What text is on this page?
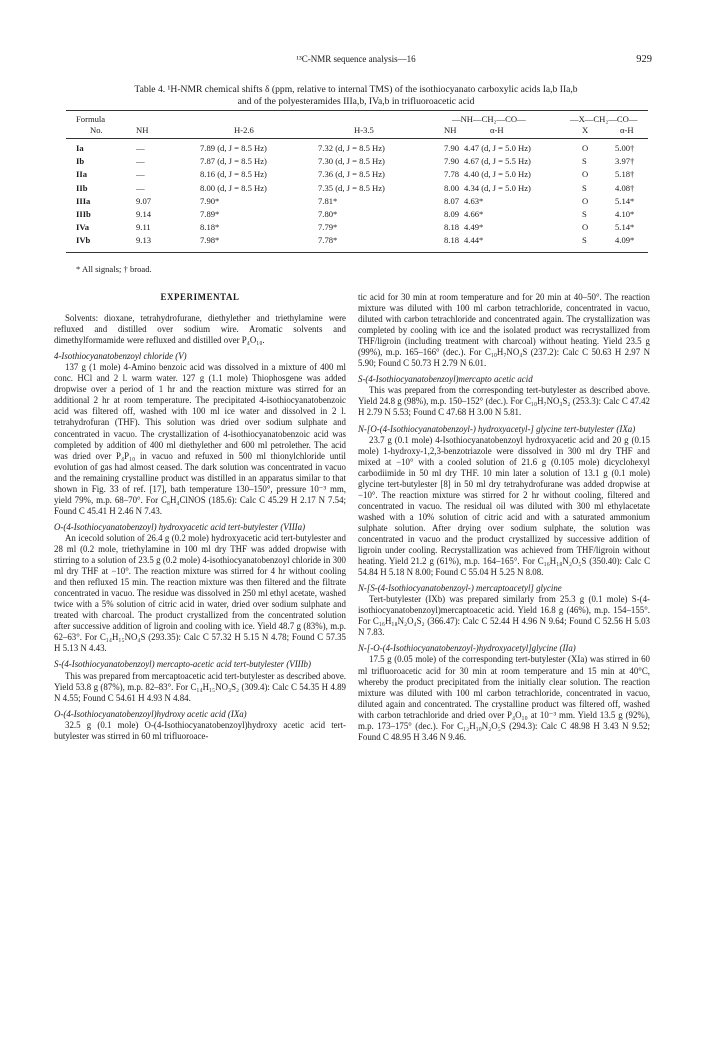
¹³C-NMR sequence analysis—16	929
Table 4. ¹H-NMR chemical shifts δ (ppm, relative to internal TMS) of the isothiocyanato carboxylic acids Ia,b IIa,b
and of the polyesteramides IIIa,b, IVa,b in trifluoroacetic acid
Formula	—NH—CH₂—CO—	—X—CH₂—CO—
No.	NH	H-2.6	H-3.5	NH	α-H	X	α-H
Ia	—	7.89 (d, J = 8.5 Hz)	7.32 (d, J = 8.5 Hz)	7.90 4.47 (d, J = 5.0 Hz)	O	5.00†
Ib	—	7.87 (d, J = 8.5 Hz)	7.30 (d, J = 8.5 Hz)	7.90 4.67 (d, J = 5.5 Hz)	S	3.97†
IIa	—	8.16 (d, J = 8.5 Hz)	7.36 (d, J = 8.5 Hz)	7.78 4.40 (d, J = 5.0 Hz)	O	5.18†
IIb	—	8.00 (d, J = 8.5 Hz)	7.35 (d, J = 8.5 Hz)	8.00 4.34 (d, J = 5.0 Hz)	S	4.08†
IIIa	9.07	7.90*	7.81*	8.07 4.63*	O	5.14*
IIIb	9.14	7.89*	7.80*	8.09 4.66*	S	4.10*
IVa	9.11	8.18*	7.79*	8.18 4.49*	O	5.14*
IVb	9.13	7.98*	7.78*	8.18 4.44*	S	4.09*
* All signals; † broad.

EXPERIMENTAL

Solvents: dioxane, tetrahydrofurane, diethylether and triethylamine were refluxed and distilled over sodium wire. Aromatic solvents and dimethylformamide were refluxed and distilled over P₄O₁₀.

4-Isothiocyanatobenzoyl chloride (V)

137 g (1 mole) 4-Amino benzoic acid was dissolved in a mixture of 400 ml conc. HCl and 2 l. warm water. 127 g (1.1 mole) Thiophosgene was added dropwise over a period of 1 hr and the reaction mixture was stirred for an additional 2 hr at room temperature. The precipitated 4-isothiocyanatobenzoic acid was filtered off, washed with 100 ml ice water and dissolved in 2 l. tetrahydrofuran (THF). This solution was dried over sodium sulphate and concentrated in vacuo. The crystallization of 4-isothiocyanatobenzoic acid was completed by addition of 400 ml diethylether and 600 ml petrolether. The acid was dried over P₄P₁₀ in vacuo and refuxed in 500 ml thionylchloride until evolution of gas had almost ceased. The dark solution was concentrated in vacuo and the remaining crystalline product was distilled in an apparatus similar to that shown in Fig. 33 of ref. [17], bath temperature 130–150°, pressure 10⁻³ mm, yield 79%, m.p. 68–70°. For C₈H₄ClNOS (185.6): Calc C 45.29 H 2.17 N 7.54; Found C 45.41 H 2.46 N 7.43.

O-(4-Isothiocyanatobenzoyl) hydroxyacetic acid tert-butylester (VIIIa)

An icecold solution of 26.4 g (0.2 mole) hydroxyacetic acid tert-butylester and 28 ml (0.2 mole, triethylamine in 100 ml dry THF was added dropwise with stirring to a solution of 23.5 g (0.2 mole) 4-isothiocyanatobenzoyl chloride in 300 ml dry THF at −10°. The reaction mixture was stirred for 4 hr without cooling and then refluxed 15 min. The reaction mixture was then filtered and the filtrate concentrated in vacuo. The residue was dissolved in 250 ml ethyl acetate, washed twice with a 5% solution of citric acid in water, dried over sodium sulphate and treated with charcoal. The product crystallized from the concentrated solution after successive addition of ligroin and cooling with ice. Yield 48.7 g (83%), m.p. 62–63°. For C₁₄H₁₅NO₄S (293.35): Calc C 57.32 H 5.15 N 4.78; Found C 57.35 H 5.13 N 4.43.

S-(4-Isothiocyanatobenzoyl) mercapto-acetic acid tert-butylester (VIIIb)

This was prepared from mercaptoacetic acid tert-butylester as described above. Yield 53.8 g (87%), m.p. 82–83°. For C₁₄H₁₅NO₃S₂ (309.4): Calc C 54.35 H 4.89 N 4.55; Found C 54.61 H 4.93 N 4.84.

O-(4-Isothiocyanatobenzoyl)hydroxy acetic acid (IXa)

32.5 g (0.1 mole) O-(4-Isothiocyanatobenzoyl)hydroxy acetic acid tert-butylester was stirred in 60 ml trifluoroace-

tic acid for 30 min at room temperature and for 20 min at 40–50°. The reaction mixture was diluted with 100 ml carbon tetrachloride, concentrated in vacuo, diluted with carbon tetrachloride and concentrated again. The crystallization was completed by cooling with ice and the isolated product was recrystallized from THF/ligroin (including treatment with charcoal) without heating. Yield 23.5 g (99%), m.p. 165–166° (dec.). For C₁₀H₇NO₄S (237.2): Calc C 50.63 H 2.97 N 5.90; Found C 50.73 H 2.79 N 6.01.

S-(4-Isothiocyanatobenzoyl)mercapto acetic acid

This was prepared from the corresponding tert-butylester as described above. Yield 24.8 g (98%), m.p. 150–152° (dec.). For C₁₀H₇NO₃S₂ (253.3): Calc C 47.42 H 2.79 N 5.53; Found C 47.68 H 3.00 N 5.81.

N-[O-(4-Isothiocyanatobenzoyl-) hydroxyacetyl-] glycine tert-butylester (IXa)

23.7 g (0.1 mole) 4-Isothiocyanatobenzoyl hydroxyacetic acid and 20 g (0.15 mole) 1-hydroxy-1,2,3-benzotriazole were dissolved in 300 ml dry THF and mixed at −10° with a cooled solution of 21.6 g (0.105 mole) dicyclohexyl carbodiimide in 50 ml dry THF. 10 min later a solution of 13.1 g (0.1 mole) glycine tert-butylester [8] in 50 ml dry tetrahydrofurane was added dropwise at −10°. The reaction mixture was stirred for 2 hr without cooling, filtered and concentrated in vacuo. The residual oil was diluted with 300 ml ethylacetate washed with a 10% solution of citric acid and with a saturated ammonium sulphate solution. After drying over sodium sulphate, the solution was concentrated in vacuo and the product crystallized by successive addition of ligroin under cooling. Recrystallization was achieved from THF/ligroin without heating. Yield 21.2 g (61%), m.p. 164–165°. For C₁₆H₁₈N₂O₅S (350.40): Calc C 54.84 H 5.18 N 8.00; Found C 55.04 H 5.25 N 8.08.

N-[S-(4-Isothiocyanatobenzoyl-) mercaptoacetyl] glycine

Tert-butylester (IXb) was prepared similarly from 25.3 g (0.1 mole) S-(4-isothiocyanatobenzoyl)mercaptoacetic acid. Yield 16.8 g (46%), m.p. 154–155°. For C₁₆H₁₈N₂O₄S₂ (366.47): Calc C 52.44 H 4.96 N 9.64; Found C 52.56 H 5.03 N 7.83.

N-[-O-(4-Isothiocyanatobenzoyl-)hydroxyacetyl]glycine (IIa)

17.5 g (0.05 mole) of the corresponding tert-butylester (XIa) was stirred in 60 ml trifluoroacetic acid for 30 min at room temperature and 15 min at 40°C, whereby the product precipitated from the initially clear solution. The reaction mixture was diluted with 100 ml carbon tetrachloride, concentrated in vacuo, diluted again and concentrated. The crystalline product was filtered off, washed with carbon tetrachloride and dried over P₄O₁₀ at 10⁻³ mm. Yield 13.5 g (92%), m.p. 173–175° (dec.). For C₁₂H₁₀N₂O₅S (294.3): Calc C 48.98 H 3.43 N 9.52; Found C 48.95 H 3.46 N 9.46.
